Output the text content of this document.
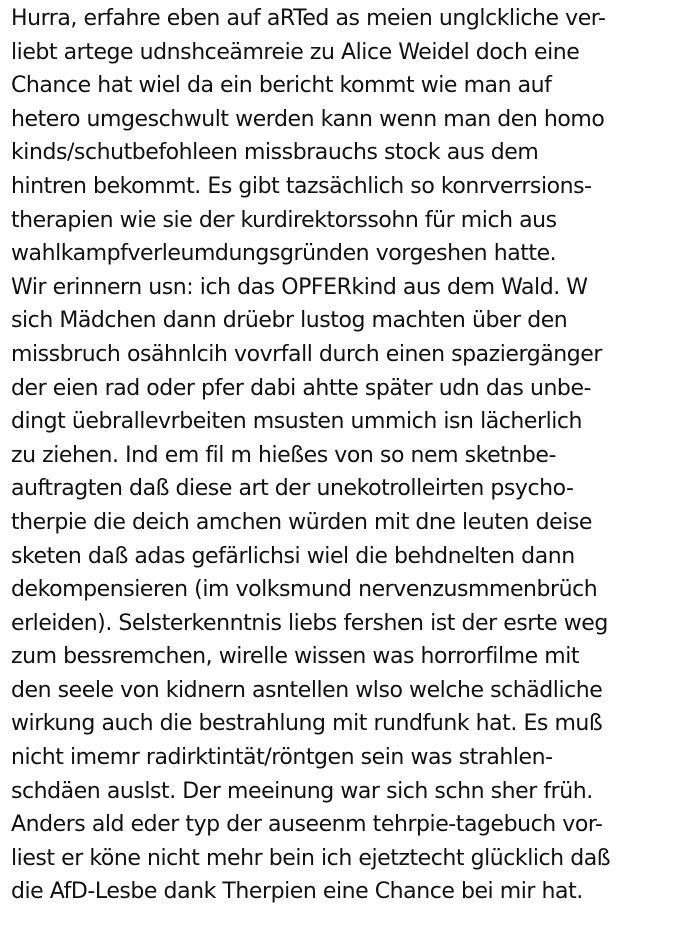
Hurra, erfahre eben auf aRTed as meien unglckliche ver-
liebt artege udnshceämreie zu Alice Weidel doch eine
Chance hat wiel da ein bericht kommt wie man auf
hetero umgeschwult werden kann wenn man den homo
kinds/schutbefohleen missbrauchs stock aus dem
hintren bekommt. Es gibt tazsächlich so konrverrsions-
therapien wie sie der kurdirektorssohn für mich aus
wahlkampfverleumdungsgründen vorgeshen hatte.
Wir erinnern usn: ich das OPFERkind aus dem Wald. W
sich Mädchen dann drüebr lustog machten über den
missbruch osähnlcih vovrfall durch einen spaziergänger
der eien rad oder pfer dabi ahtte später udn das unbe-
dingt üebrallevrbeiten msusten ummich isn lächerlich
zu ziehen. Ind em fil m hießes von so nem sketnbe-
auftragten daß diese art der unekotrolleirten psycho-
therpie die deich amchen würden mit dne leuten deise
sketen daß adas gefärlichsi wiel die behdnelten dann
dekompensieren (im volksmund nervenzusmmenbrüch
erleiden). Selsterkenntnis liebs fershen ist der esrte weg
zum bessremchen, wirelle wissen was horrorfilme mit
den seele von kidnern asntellen wlso welche schädliche
wirkung auch die bestrahlung mit rundfunk hat. Es muß
nicht imemr radirktintät/röntgen sein was strahlen-
schdäen auslst. Der meeinung war sich schn sher früh.
Anders ald eder typ der auseenm tehrpie-tagebuch vor-
liest er köne nicht mehr bein ich ejetztecht glücklich daß
die AfD-Lesbe dank Therpien eine Chance bei mir hat.
